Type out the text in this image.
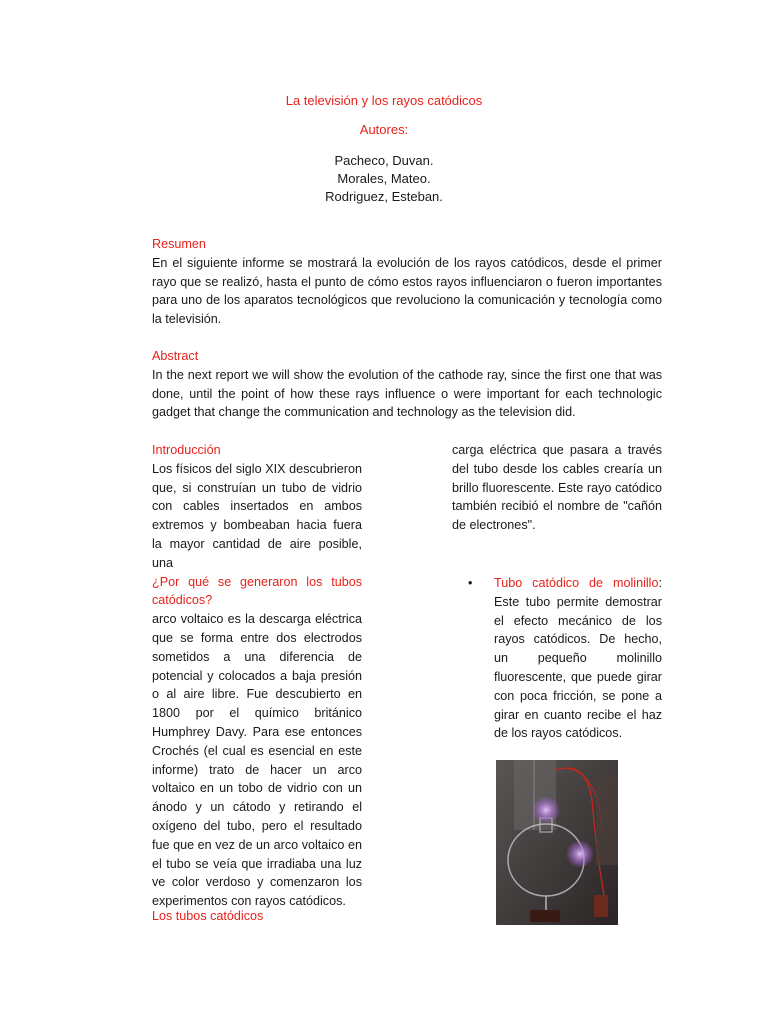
La televisión y los rayos catódicos
Autores:
Pacheco, Duvan.
Morales, Mateo.
Rodriguez, Esteban.
Resumen

En el siguiente informe se mostrará la evolución de los rayos catódicos, desde el primer rayo que se realizó, hasta el punto de cómo estos rayos influenciaron o fueron importantes para uno de los aparatos tecnológicos que revoluciono la comunicación y tecnología como la televisión.

Abstract

In the next report we will show the evolution of the cathode ray, since the first one that was done, until the point of how these rays influence o were important for each technologic gadget that change the communication and technology as the television did.

Introducción

Los físicos del siglo XIX descubrieron que, si construían un tubo de vidrio con cables insertados en ambos extremos y bombeaban hacia fuera la mayor cantidad de aire posible, una

¿Por qué se generaron los tubos catódicos?

arco voltaico es la descarga eléctrica que se forma entre dos electrodos sometidos a una diferencia de potencial y colocados a baja presión o al aire libre. Fue descubierto en 1800 por el químico británico Humphrey Davy. Para ese entonces Crochés (el cual es esencial en este informe) trato de hacer un arco voltaico en un tobo de vidrio con un ánodo y un cátodo y retirando el oxígeno del tubo, pero el resultado fue que en vez de un arco voltaico en el tubo se veía que irradiaba una luz ve color verdoso y comenzaron los experimentos con rayos catódicos.

carga eléctrica que pasara a través del tubo desde los cables crearía un brillo fluorescente. Este rayo catódico también recibió el nombre de "cañón de electrones".

•	Tubo catódico de molinillo: Este tubo permite demostrar el efecto mecánico de los rayos catódicos. De hecho, un pequeño molinillo fluorescente, que puede girar con poca fricción, se pone a girar en cuanto recibe el haz de los rayos catódicos.

Los tubos catódicos
